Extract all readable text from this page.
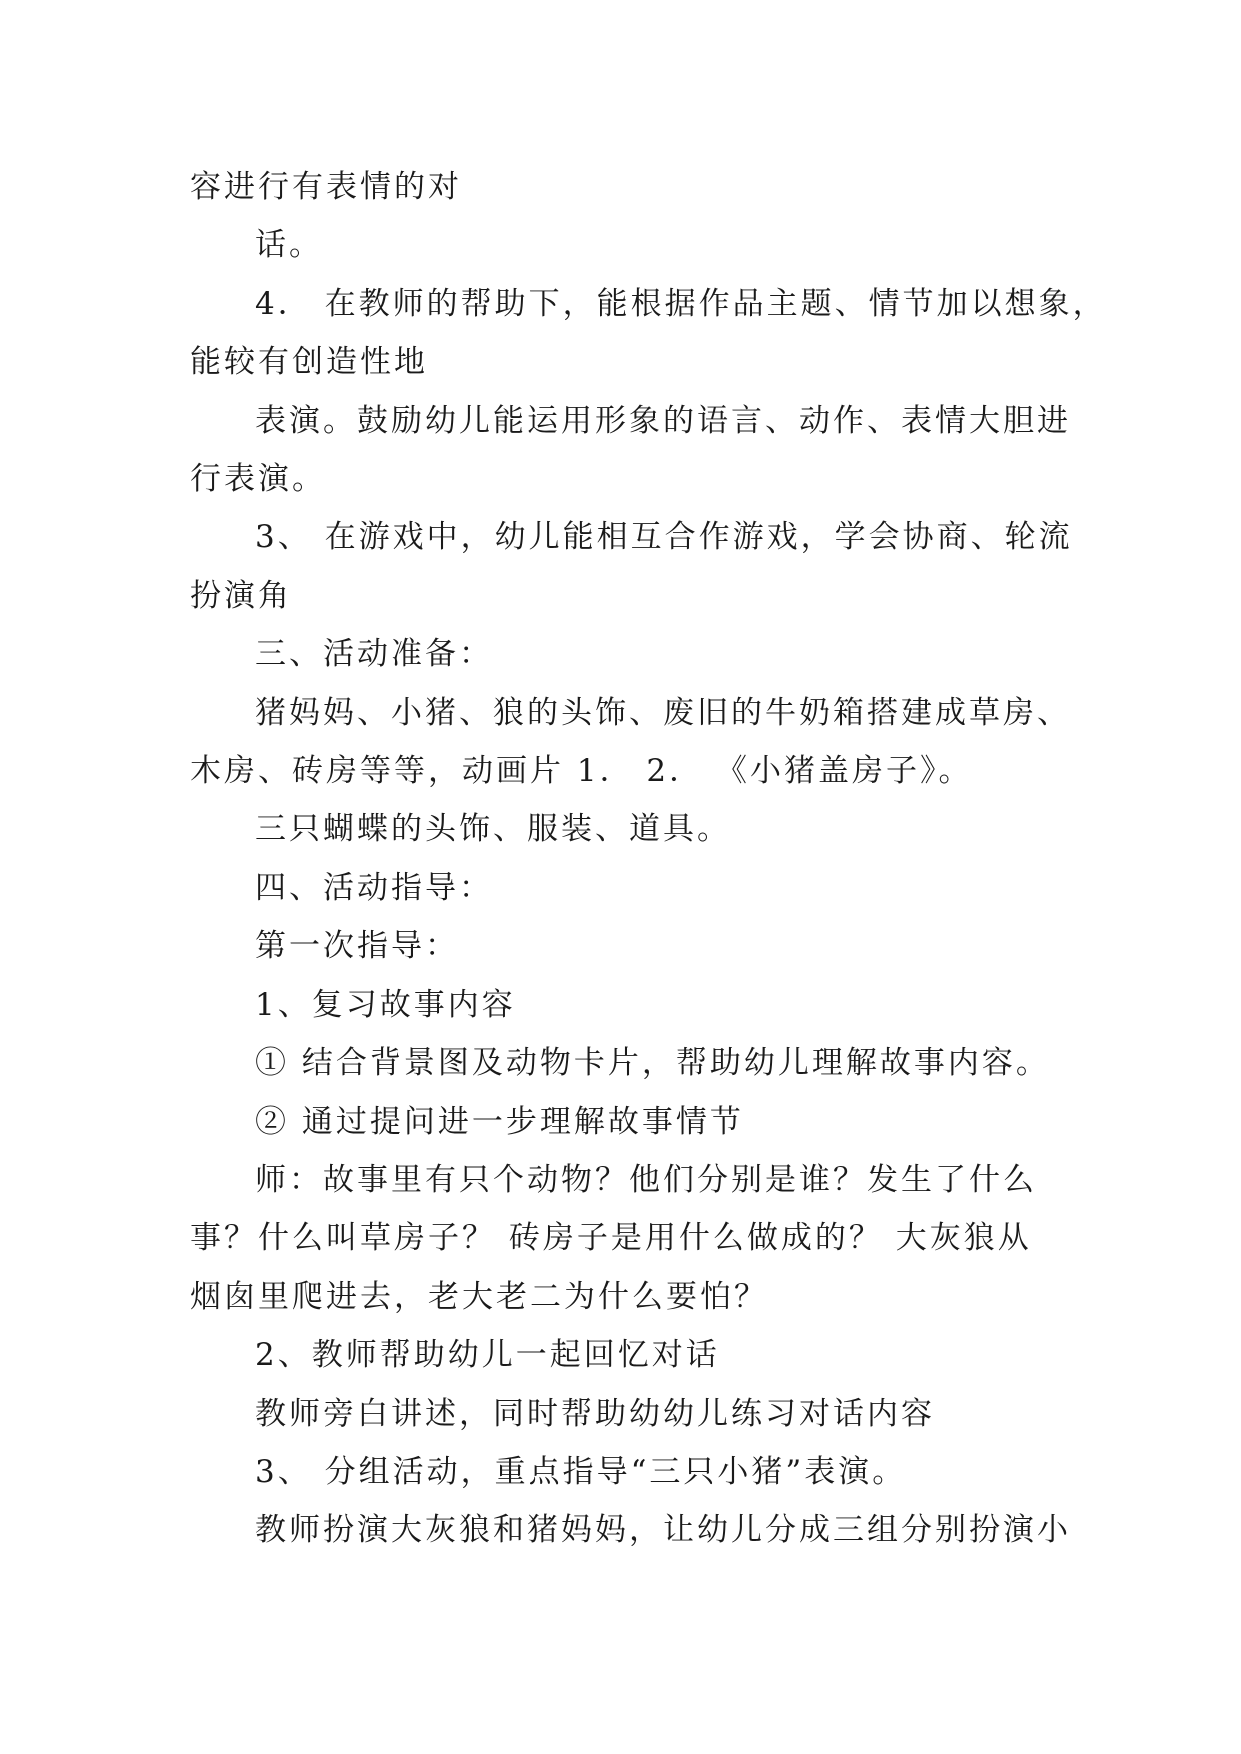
容进行有表情的对

话。

4． 在教师的帮助下，能根据作品主题、情节加以想象，

能较有创造性地

表演。鼓励幼儿能运用形象的语言、动作、表情大胆进

行表演。

3、 在游戏中，幼儿能相互合作游戏，学会协商、轮流

扮演角

三、活动准备：

猪妈妈、小猪、狼的头饰、废旧的牛奶箱搭建成草房、

木房、砖房等等，动画片 1． 2． 《小猪盖房子》。

三只蝴蝶的头饰、服装、道具。

四、活动指导：

第一次指导：

1、复习故事内容

① 结合背景图及动物卡片，帮助幼儿理解故事内容。

② 通过提问进一步理解故事情节

师：故事里有只个动物？他们分别是谁？发生了什么

事？什么叫草房子？ 砖房子是用什么做成的？ 大灰狼从

烟囱里爬进去，老大老二为什么要怕？

2、教师帮助幼儿一起回忆对话

教师旁白讲述，同时帮助幼幼儿练习对话内容

3、 分组活动，重点指导“三只小猪”表演。

教师扮演大灰狼和猪妈妈，让幼儿分成三组分别扮演小
